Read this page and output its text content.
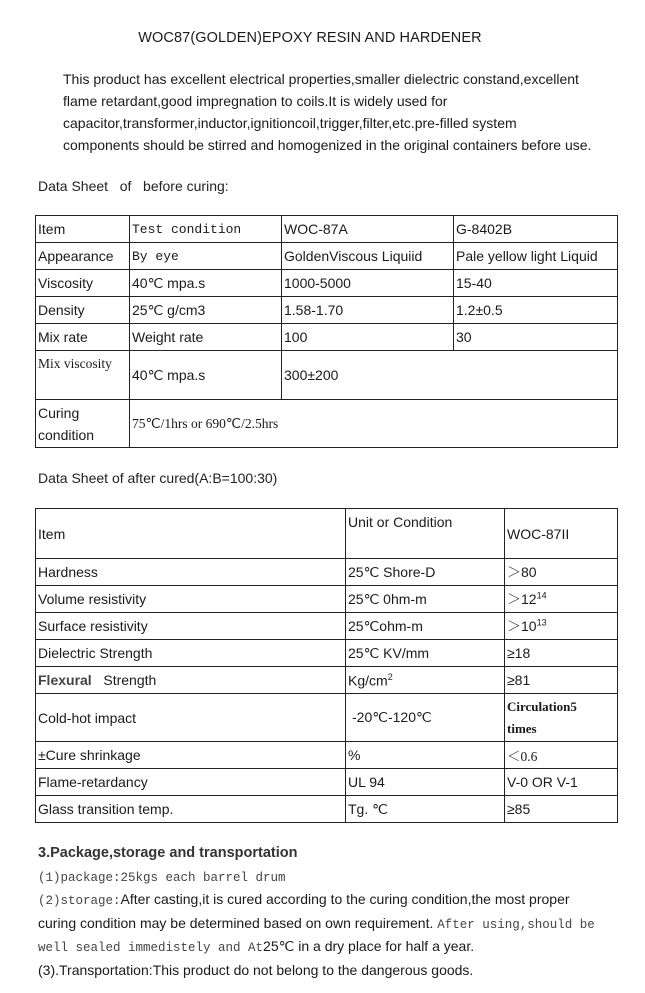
WOC87(GOLDEN)EPOXY RESIN AND HARDENER
This product has excellent electrical properties,smaller dielectric constand,excellent
flame retardant,good impregnation to coils.It is widely used for
capacitor,transformer,inductor,ignitioncoil,trigger,filter,etc.pre-filled system
components should be stirred and homogenized in the original containers before use.
Data Sheet   of   before curing:
Item	Test condition	WOC-87A	G-8402B
Appearance	By eye	GoldenViscous Liquiid	Pale yellow light Liquid
Viscosity	40℃ mpa.s	1000-5000	15-40
Density	25℃ g/cm3	1.58-1.70	1.2±0.5
Mix rate	Weight rate	100	30
Mix viscosity	40℃ mpa.s	300±200	

Curing
condition	75℃/1hrs or 690℃/2.5hrs		
Data Sheet of after cured(A:B=100:30)
Item	Unit or Condition	WOC-87II
Hardness	25℃ Shore-D	＞80
Volume resistivity	25℃ 0hm-m	$>12^{14}$
Surface resistivity	25℃ohm-m	$>10^{13}$
Dielectric Strength	25℃ KV/mm	≥18
Flexural Strength	$Kg/cm^2$	≥81
Cold-hot impact	-20℃-120℃	Circulation5
times

±Cure shrinkage	%	＜0.6
Flame-retardancy	UL 94	V-0 OR V-1
Glass transition temp.	Tg. ℃	≥85
3.Package,storage and transportation
(1)package:25kgs each barrel drum
(2)storage:After casting,it is cured according to the curing condition,the most proper
curing condition may be determined based on own requirement. After using,should be
well sealed immedistely and At25℃ in a dry place for half a year.
(3).Transportation:This product do not belong to the dangerous goods.
